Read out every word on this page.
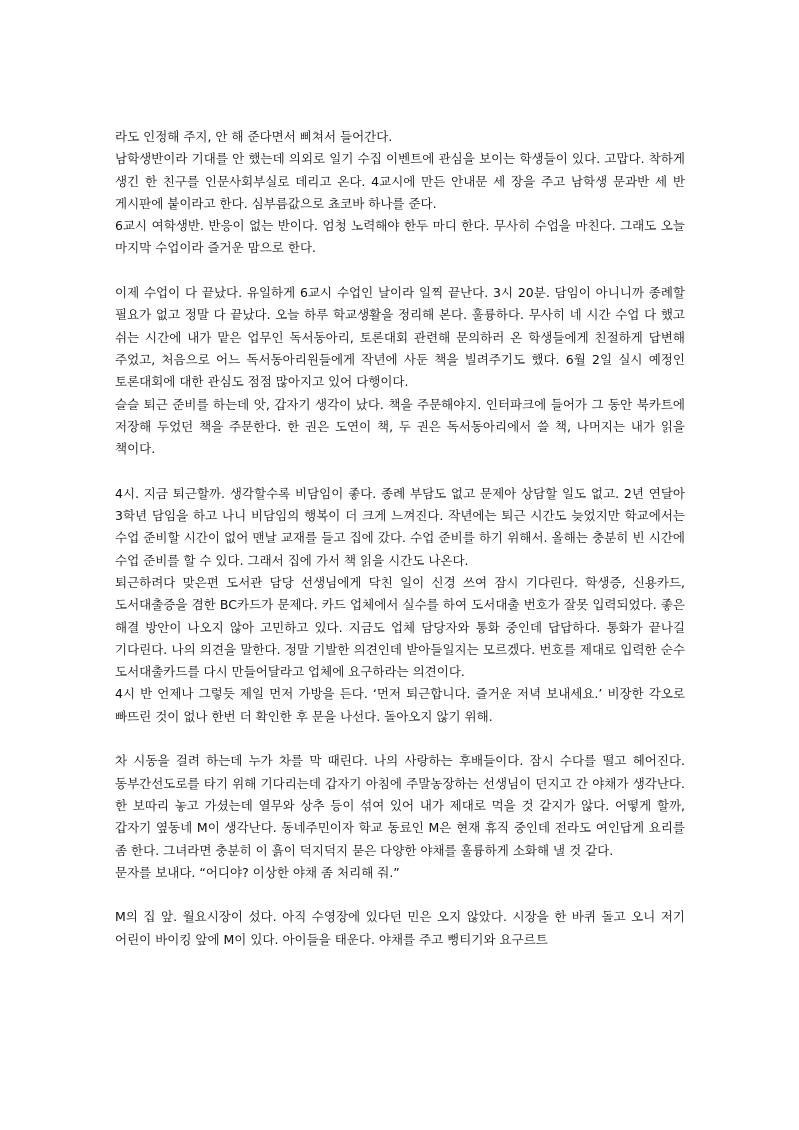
라도 인정해 주지, 안 해 준다면서 삐쳐서 들어간다.

남학생반이라 기대를 안 했는데 의외로 일기 수집 이벤트에 관심을 보이는 학생들이 있다. 고맙다. 착하게 생긴 한 친구를 인문사회부실로 데리고 온다. 4교시에 만든 안내문 세 장을 주고 남학생 문과반 세 반 게시판에 붙이라고 한다. 심부름값으로 쵸코바 하나를 준다.

6교시 여학생반. 반응이 없는 반이다. 엄청 노력해야 한두 마디 한다. 무사히 수업을 마친다. 그래도 오늘 마지막 수업이라 즐거운 맘으로 한다.

이제 수업이 다 끝났다. 유일하게 6교시 수업인 날이라 일찍 끝난다. 3시 20분. 담임이 아니니까 종례할 필요가 없고 정말 다 끝났다. 오늘 하루 학교생활을 정리해 본다. 훌륭하다. 무사히 네 시간 수업 다 했고 쉬는 시간에 내가 맡은 업무인 독서동아리, 토론대회 관련해 문의하러 온 학생들에게 친절하게 답변해 주었고, 처음으로 어느 독서동아리원들에게 작년에 사둔 책을 빌려주기도 했다. 6월 2일 실시 예정인 토론대회에 대한 관심도 점점 많아지고 있어 다행이다.

슬슬 퇴근 준비를 하는데 앗, 갑자기 생각이 났다. 책을 주문해야지. 인터파크에 들어가 그 동안 북카트에 저장해 두었던 책을 주문한다. 한 권은 도연이 책, 두 권은 독서동아리에서 쓸 책, 나머지는 내가 읽을 책이다.

4시. 지금 퇴근할까. 생각할수록 비담임이 좋다. 종례 부담도 없고 문제아 상담할 일도 없고. 2년 연달아 3학년 담임을 하고 나니 비담임의 행복이 더 크게 느껴진다. 작년에는 퇴근 시간도 늦었지만 학교에서는 수업 준비할 시간이 없어 맨날 교재를 들고 집에 갔다. 수업 준비를 하기 위해서. 올해는 충분히 빈 시간에 수업 준비를 할 수 있다. 그래서 집에 가서 책 읽을 시간도 나온다.

퇴근하려다 맞은편 도서관 담당 선생님에게 닥친 일이 신경 쓰여 잠시 기다린다. 학생증, 신용카드, 도서대출증을 겸한 BC카드가 문제다. 카드 업체에서 실수를 하여 도서대출 번호가 잘못 입력되었다. 좋은 해결 방안이 나오지 않아 고민하고 있다. 지금도 업체 담당자와 통화 중인데 답답하다. 통화가 끝나길 기다린다. 나의 의견을 말한다. 정말 기발한 의견인데 받아들일지는 모르겠다. 번호를 제대로 입력한 순수 도서대출카드를 다시 만들어달라고 업체에 요구하라는 의견이다.

4시 반 언제나 그렇듯 제일 먼저 가방을 든다. ‘먼저 퇴근합니다. 즐거운 저녁 보내세요.’ 비장한 각오로 빠뜨린 것이 없나 한번 더 확인한 후 문을 나선다. 돌아오지 않기 위해.

차 시동을 걸려 하는데 누가 차를 막 때린다. 나의 사랑하는 후배들이다. 잠시 수다를 떨고 헤어진다. 동부간선도로를 타기 위해 기다리는데 갑자기 아침에 주말농장하는 선생님이 던지고 간 야채가 생각난다. 한 보따리 놓고 가셨는데 열무와 상추 등이 섞여 있어 내가 제대로 먹을 것 같지가 않다. 어떻게 할까, 갑자기 옆동네 M이 생각난다. 동네주민이자 학교 동료인 M은 현재 휴직 중인데 전라도 여인답게 요리를 좀 한다. 그녀라면 충분히 이 흙이 덕지덕지 묻은 다양한 야채를 훌륭하게 소화해 낼 것 같다.

문자를 보내다. “어디야? 이상한 야채 좀 처리해 줘.”

M의 집 앞. 월요시장이 섰다. 아직 수영장에 있다던 민은 오지 않았다. 시장을 한 바퀴 돌고 오니 저기 어린이 바이킹 앞에 M이 있다. 아이들을 태운다. 야채를 주고 뻥티기와 요구르트
